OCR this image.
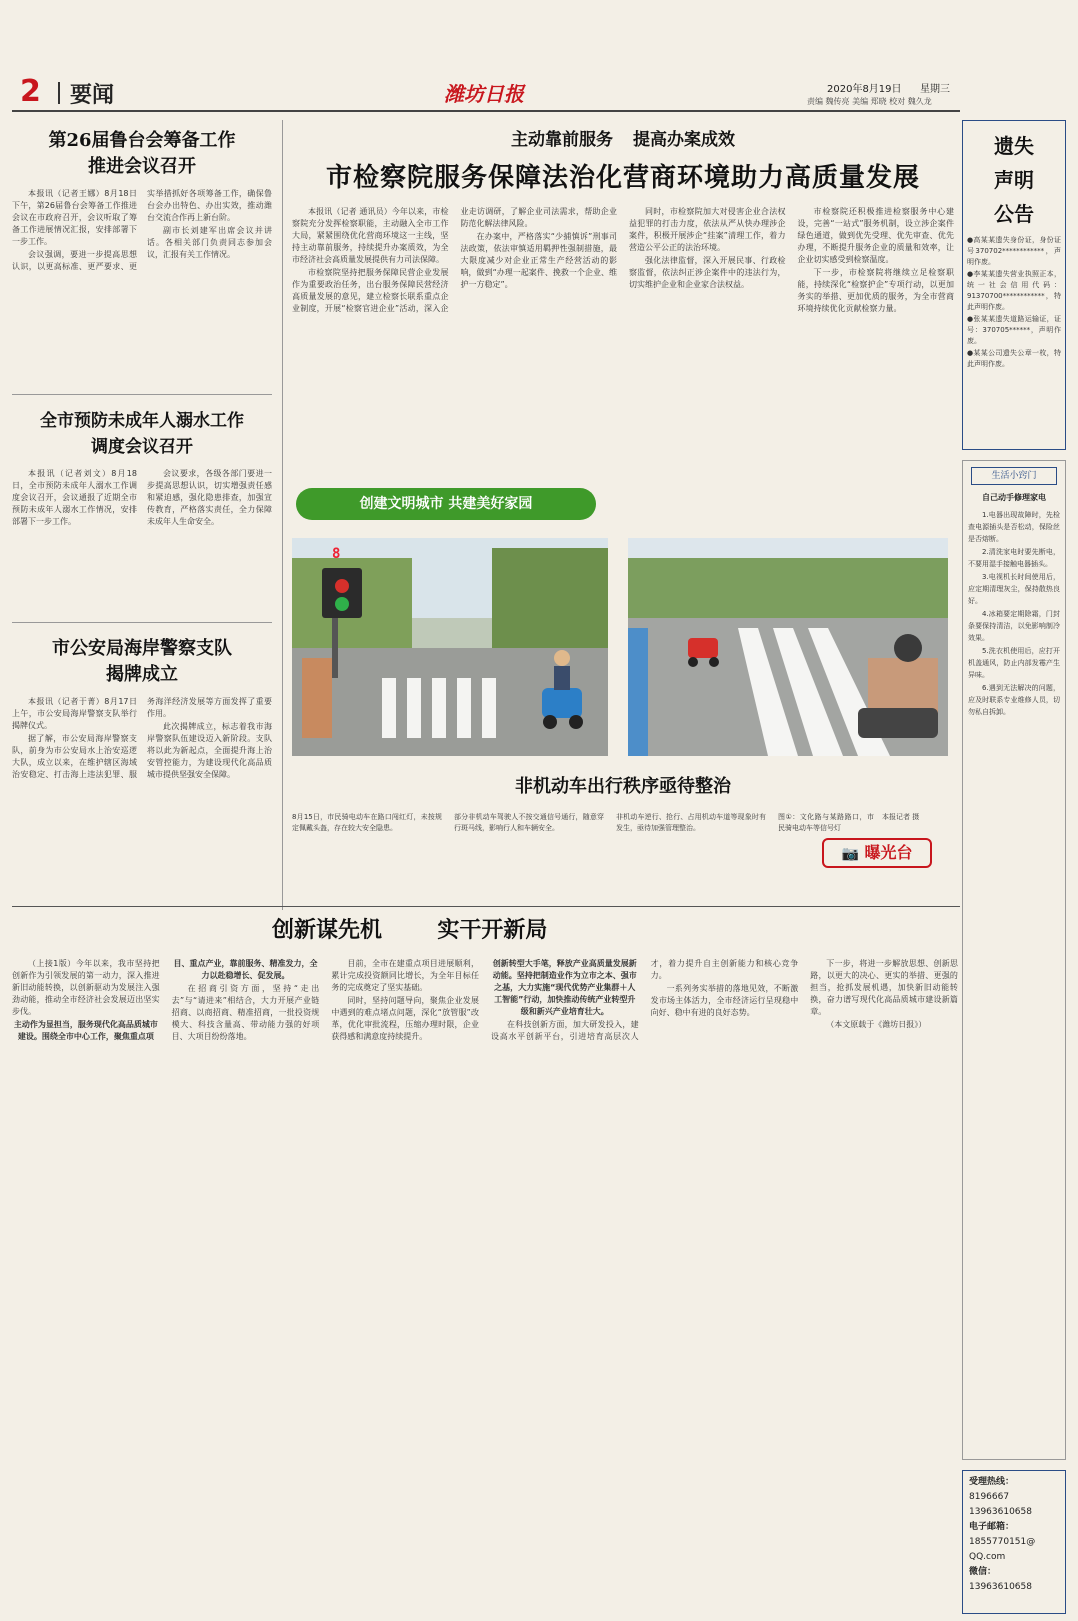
2 要闻	潍坊日报	2020年8月19日 星期三
责编 魏传亮 美编 郑晓 校对 魏久龙
第26届鲁台会筹备工作
推进会议召开

本报讯（记者王娜）8月18日下午，第26届鲁台会筹备工作推进会议在市政府召开，会议听取了筹备工作进展情况汇报，安排部署下一步工作。

会议强调，要进一步提高思想认识，以更高标准、更严要求、更实举措抓好各项筹备工作，确保鲁台会办出特色、办出实效，推动潍台交流合作再上新台阶。

副市长刘建军出席会议并讲话。各相关部门负责同志参加会议，汇报有关工作情况。

全市预防未成年人溺水工作
调度会议召开

本报讯（记者刘文）8月18日，全市预防未成年人溺水工作调度会议召开，会议通报了近期全市预防未成年人溺水工作情况，安排部署下一步工作。

会议要求，各级各部门要进一步提高思想认识，切实增强责任感和紧迫感，强化隐患排查，加强宣传教育，严格落实责任，全力保障未成年人生命安全。

市公安局海岸警察支队
揭牌成立

本报讯（记者于菁）8月17日上午，市公安局海岸警察支队举行揭牌仪式。

据了解，市公安局海岸警察支队，前身为市公安局水上治安巡逻大队，成立以来，在维护辖区海域治安稳定、打击海上违法犯罪、服务海洋经济发展等方面发挥了重要作用。

此次揭牌成立，标志着我市海岸警察队伍建设迈入新阶段。支队将以此为新起点，全面提升海上治安管控能力，为建设现代化高品质城市提供坚强安全保障。

主动靠前服务 提高办案成效
市检察院服务保障法治化营商环境助力高质量发展

本报讯（记者 通讯员）今年以来，市检察院充分发挥检察职能，主动融入全市工作大局，紧紧围绕优化营商环境这一主线，坚持主动靠前服务，持续提升办案质效，为全市经济社会高质量发展提供有力司法保障。

市检察院坚持把服务保障民营企业发展作为重要政治任务，出台服务保障民营经济高质量发展的意见，建立检察长联系重点企业制度，开展“检察官进企业”活动，深入企业走访调研，了解企业司法需求，帮助企业防范化解法律风险。

在办案中，严格落实“少捕慎诉”刑事司法政策，依法审慎适用羁押性强制措施，最大限度减少对企业正常生产经营活动的影响，做到“办理一起案件、挽救一个企业、维护一方稳定”。

同时，市检察院加大对侵害企业合法权益犯罪的打击力度，依法从严从快办理涉企案件，积极开展涉企“挂案”清理工作，着力营造公平公正的法治环境。

强化法律监督，深入开展民事、行政检察监督，依法纠正涉企案件中的违法行为，切实维护企业和企业家合法权益。

市检察院还积极推进检察服务中心建设，完善“一站式”服务机制，设立涉企案件绿色通道，做到优先受理、优先审查、优先办理，不断提升服务企业的质量和效率，让企业切实感受到检察温度。

下一步，市检察院将继续立足检察职能，持续深化“检察护企”专项行动，以更加务实的举措、更加优质的服务，为全市营商环境持续优化贡献检察力量。

创建文明城市 共建美好家园
8
非机动车出行秩序亟待整治
8月15日，市民骑电动车在路口闯红灯，未按规定佩戴头盔，存在较大安全隐患。
部分非机动车驾驶人不按交通信号通行，随意穿行斑马线，影响行人和车辆安全。
非机动车逆行、抢行、占用机动车道等现象时有发生，亟待加强管理整治。
图①：文化路与某路路口，市民骑电动车等信号灯
本报记者 摄
📷 曝光台
创新谋先机	实干开新局

（上接1版）今年以来，我市坚持把创新作为引领发展的第一动力，深入推进新旧动能转换，以创新驱动为发展注入强劲动能，推动全市经济社会发展迈出坚实步伐。

主动作为显担当，服务现代化高品质城市建设。围绕全市中心工作，聚焦重点项目、重点产业，靠前服务、精准发力，全力以赴稳增长、促发展。

在招商引资方面，坚持“走出去”与“请进来”相结合，大力开展产业链招商、以商招商、精准招商，一批投资规模大、科技含量高、带动能力强的好项目、大项目纷纷落地。

目前，全市在建重点项目进展顺利，累计完成投资额同比增长，为全年目标任务的完成奠定了坚实基础。

同时，坚持问题导向，聚焦企业发展中遇到的难点堵点问题，深化“放管服”改革，优化审批流程，压缩办理时限，企业获得感和满意度持续提升。

创新转型大手笔，释放产业高质量发展新动能。坚持把制造业作为立市之本、强市之基，大力实施“现代优势产业集群＋人工智能”行动，加快推动传统产业转型升级和新兴产业培育壮大。

在科技创新方面，加大研发投入，建设高水平创新平台，引进培育高层次人才，着力提升自主创新能力和核心竞争力。

一系列务实举措的落地见效，不断激发市场主体活力，全市经济运行呈现稳中向好、稳中有进的良好态势。

下一步，将进一步解放思想、创新思路，以更大的决心、更实的举措、更强的担当，抢抓发展机遇，加快新旧动能转换，奋力谱写现代化高品质城市建设新篇章。

（本文原载于《潍坊日报》）

遗失
声明
公告

●高某某遗失身份证，身份证号370702************，声明作废。

●李某某遗失营业执照正本，统一社会信用代码：91370700************，特此声明作废。

●张某某遗失道路运输证，证号：370705******，声明作废。

●某某公司遗失公章一枚，特此声明作废。

生活小窍门
自己动手修理家电

1.电器出现故障时，先检查电源插头是否松动，保险丝是否熔断。

2.清洗家电时要先断电，不要用湿手接触电器插头。

3.电视机长时间使用后，应定期清理灰尘，保持散热良好。

4.冰箱要定期除霜，门封条要保持清洁，以免影响制冷效果。

5.洗衣机使用后，应打开机盖通风，防止内部发霉产生异味。

6.遇到无法解决的问题，应及时联系专业维修人员，切勿私自拆卸。

受理热线：
8196667
13963610658
电子邮箱：
1855770151@
QQ.com
微信：
13963610658
